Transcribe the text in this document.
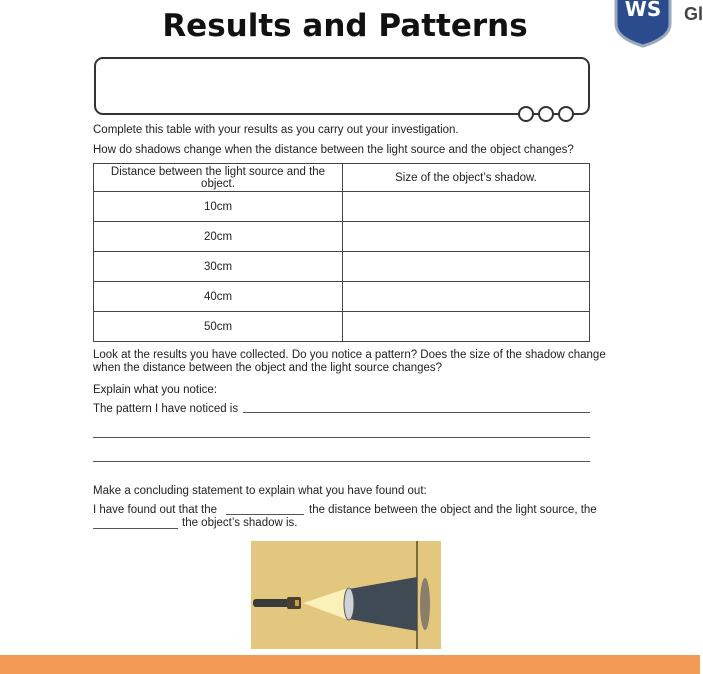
Results and Patterns	WS Gl
Complete this table with your results as you carry out your investigation.
How do shadows change when the distance between the light source and the object changes?
Distance between the light source and the object.	Size of the object’s shadow.
10cm	
20cm	
30cm	
40cm	
50cm	
Look at the results you have collected. Do you notice a pattern? Does the size of the shadow change
when the distance between the object and the light source changes?
Explain what you notice:
The pattern I have noticed is
Make a concluding statement to explain what you have found out:
I have found out that the	the distance between the object and the light source, the
the object’s shadow is.
